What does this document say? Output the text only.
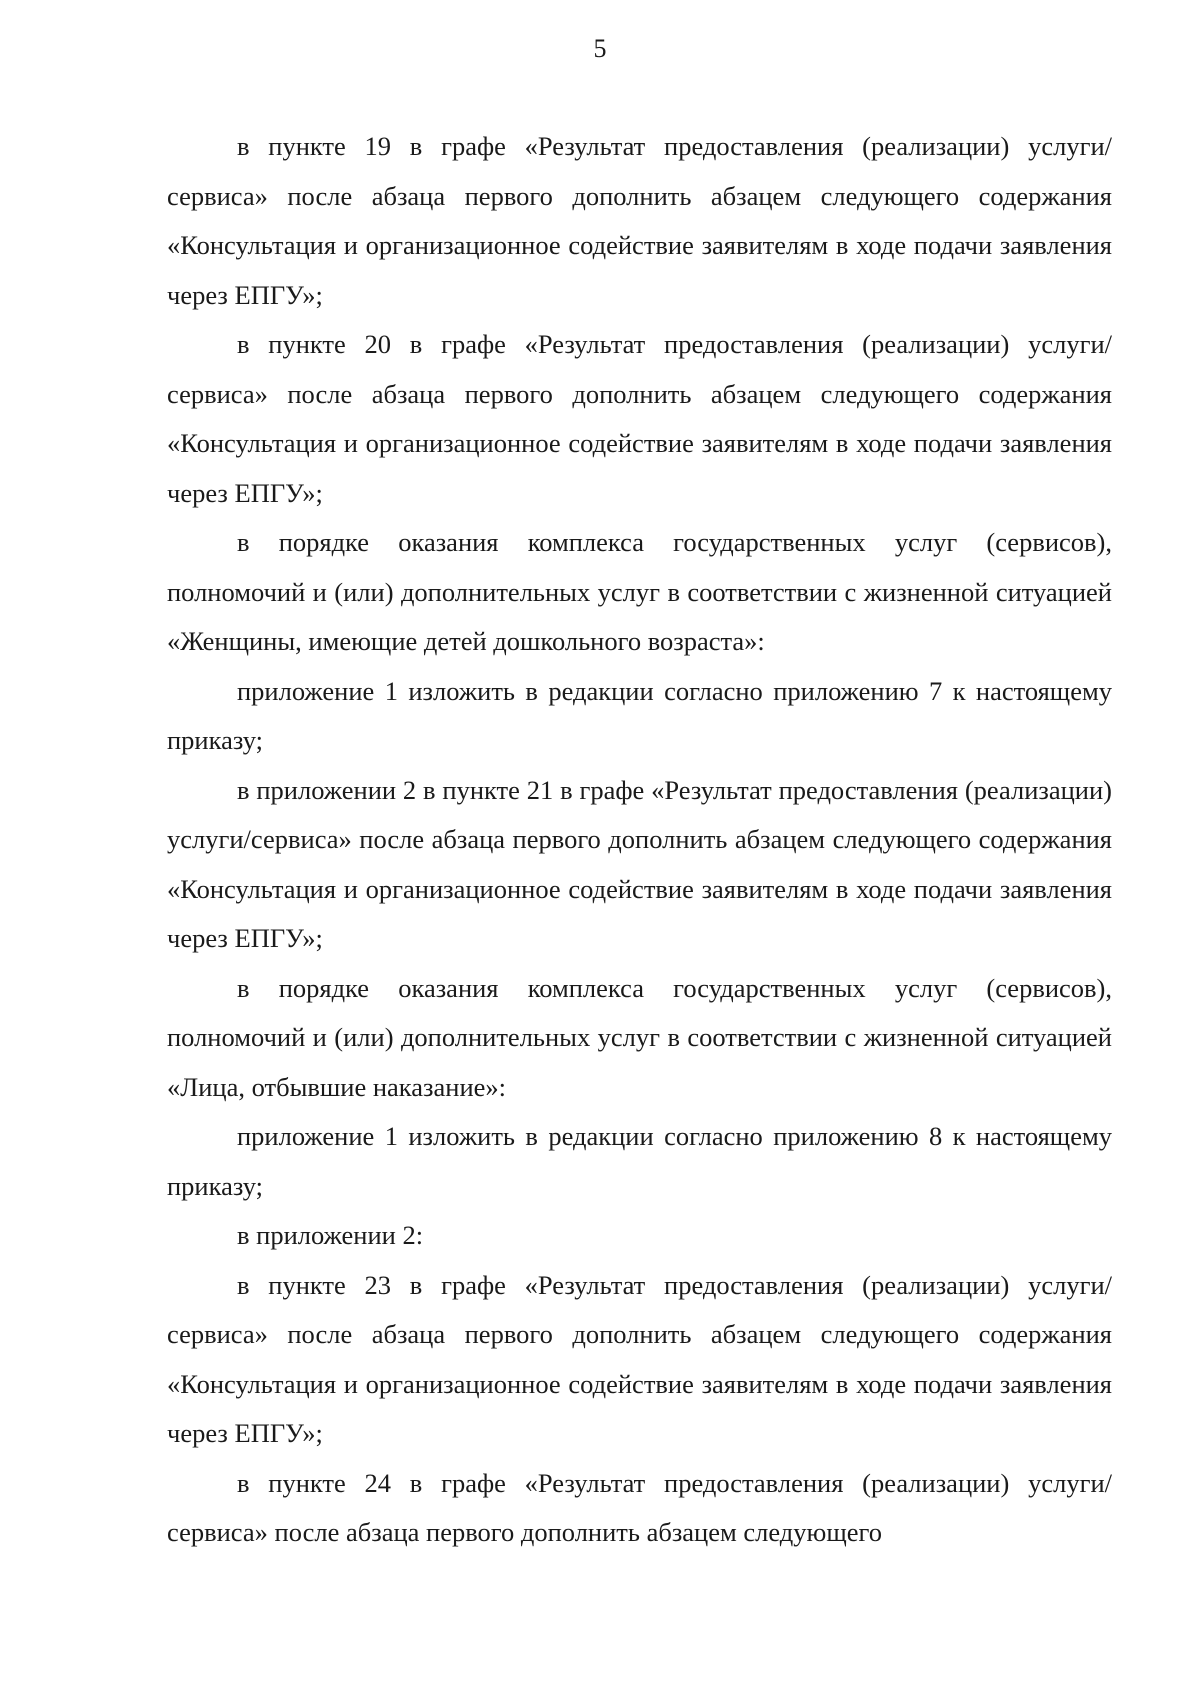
5

в пункте 19 в графе «Результат предоставления (реализации) услуги/сервиса» после абзаца первого дополнить абзацем следующего содержания «Консультация и организационное содействие заявителям в ходе подачи заявления через ЕПГУ»;

в пункте 20 в графе «Результат предоставления (реализации) услуги/сервиса» после абзаца первого дополнить абзацем следующего содержания «Консультация и организационное содействие заявителям в ходе подачи заявления через ЕПГУ»;

в порядке оказания комплекса государственных услуг (сервисов), полномочий и (или) дополнительных услуг в соответствии с жизненной ситуацией «Женщины, имеющие детей дошкольного возраста»:

приложение 1 изложить в редакции согласно приложению 7 к настоящему приказу;

в приложении 2 в пункте 21 в графе «Результат предоставления (реализации) услуги/сервиса» после абзаца первого дополнить абзацем следующего содержания «Консультация и организационное содействие заявителям в ходе подачи заявления через ЕПГУ»;

в порядке оказания комплекса государственных услуг (сервисов), полномочий и (или) дополнительных услуг в соответствии с жизненной ситуацией «Лица, отбывшие наказание»:

приложение 1 изложить в редакции согласно приложению 8 к настоящему приказу;

в приложении 2:

в пункте 23 в графе «Результат предоставления (реализации) услуги/сервиса» после абзаца первого дополнить абзацем следующего содержания «Консультация и организационное содействие заявителям в ходе подачи заявления через ЕПГУ»;

в пункте 24 в графе «Результат предоставления (реализации) услуги/сервиса» после абзаца первого дополнить абзацем следующего
